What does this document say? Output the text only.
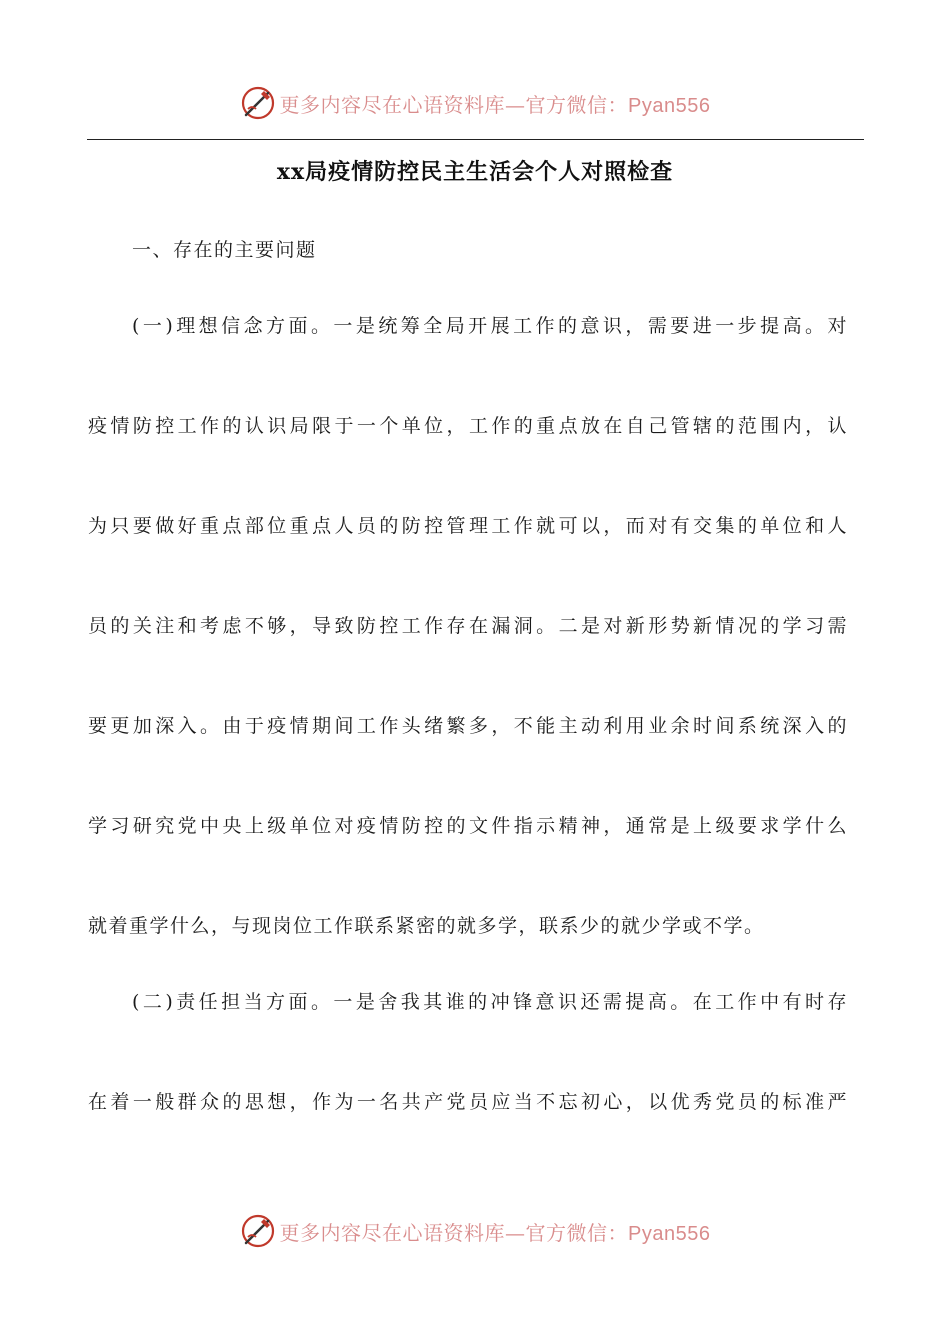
更多内容尽在心语资料库—官方微信：Pyan556
xx局疫情防控民主生活会个人对照检查
一、存在的主要问题
(一)理想信念方面。一是统筹全局开展工作的意识，需要进一步提高。对
疫情防控工作的认识局限于一个单位，工作的重点放在自己管辖的范围内，认
为只要做好重点部位重点人员的防控管理工作就可以，而对有交集的单位和人
员的关注和考虑不够，导致防控工作存在漏洞。二是对新形势新情况的学习需
要更加深入。由于疫情期间工作头绪繁多，不能主动利用业余时间系统深入的
学习研究党中央上级单位对疫情防控的文件指示精神，通常是上级要求学什么
就着重学什么，与现岗位工作联系紧密的就多学，联系少的就少学或不学。
(二)责任担当方面。一是舍我其谁的冲锋意识还需提高。在工作中有时存
在着一般群众的思想，作为一名共产党员应当不忘初心，以优秀党员的标准严
更多内容尽在心语资料库—官方微信：Pyan556
